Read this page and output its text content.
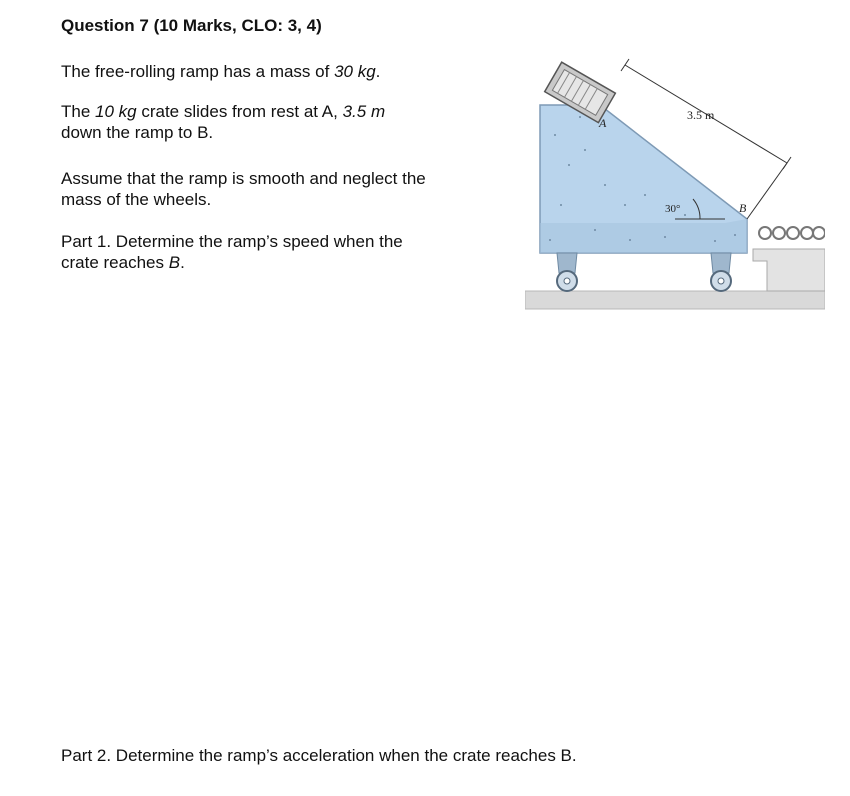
Question 7 (10 Marks, CLO: 3, 4)

The free-rolling ramp has a mass of 30 kg.

The 10 kg crate slides from rest at A, 3.5 m
down the ramp to B.

Assume that the ramp is smooth and neglect the
mass of the wheels.

Part 1. Determine the ramp’s speed when the
crate reaches B.

Part 2. Determine the ramp’s acceleration when the crate reaches B.

A
3.5 m
30°	B
